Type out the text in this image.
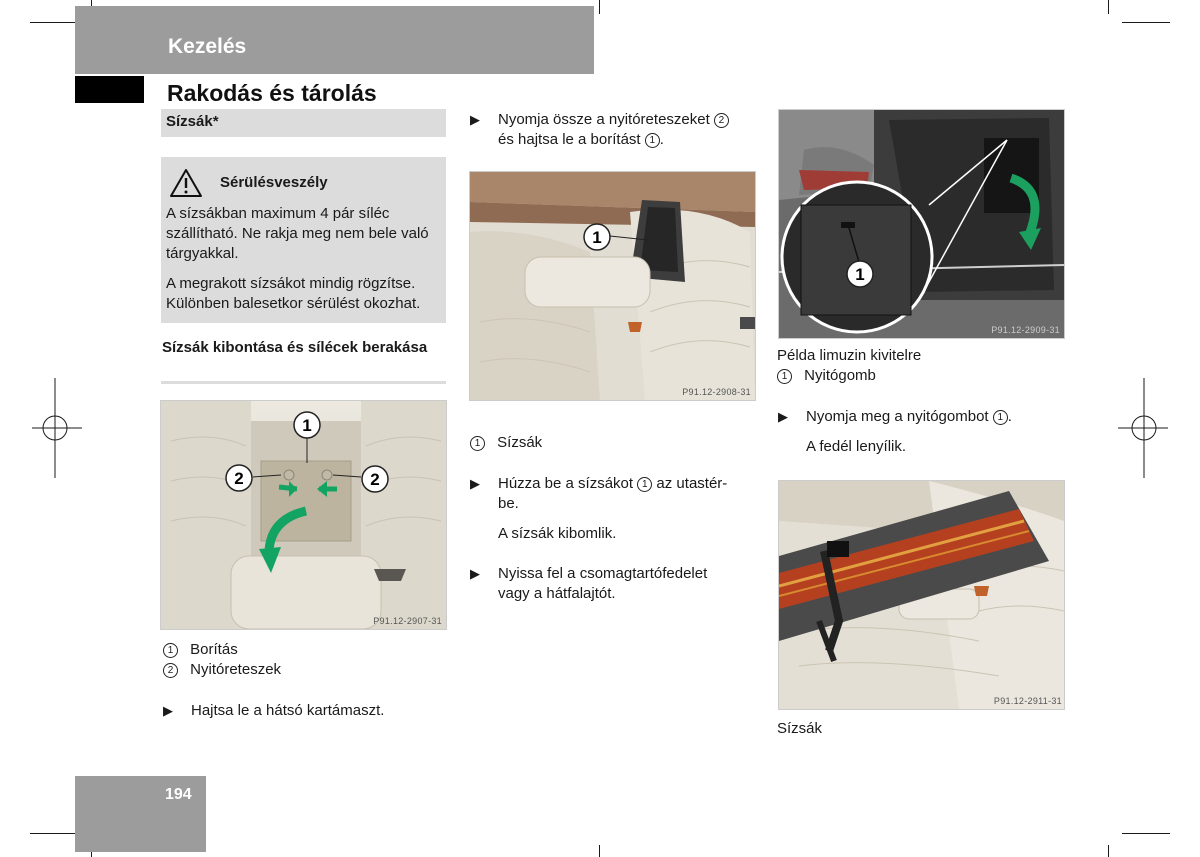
Kezelés
Rakodás és tárolás
Sízsák*
Sérülésveszély
A sízsákban maximum 4 pár síléc szállítható. Ne rakja meg nem bele való tárgyakkal.
A megrakott sízsákot mindig rögzítse. Különben balesetkor sérülést okozhat.
Sízsák kibontása és sílécek berakása
1
2	2
P91.12-2907-31
1 Borítás
2 Nyitóreteszek
▶ Hajtsa le a hátsó kartámaszt.
▶ Nyomja össze a nyitóreteszeket 2
és hajtsa le a borítást 1 .
1
P91.12-2908-31
1 Sízsák
▶ Húzza be a sízsákot 1 az utastér-
be.
A sízsák kibomlik.
▶ Nyissa fel a csomagtartófedelet vagy a hátfalajtót.
1
P91.12-2909-31
Példa limuzin kivitelre
1 Nyitógomb
▶ Nyomja meg a nyitógombot 1 .
A fedél lenyílik.
P91.12-2911-31
Sízsák
194
